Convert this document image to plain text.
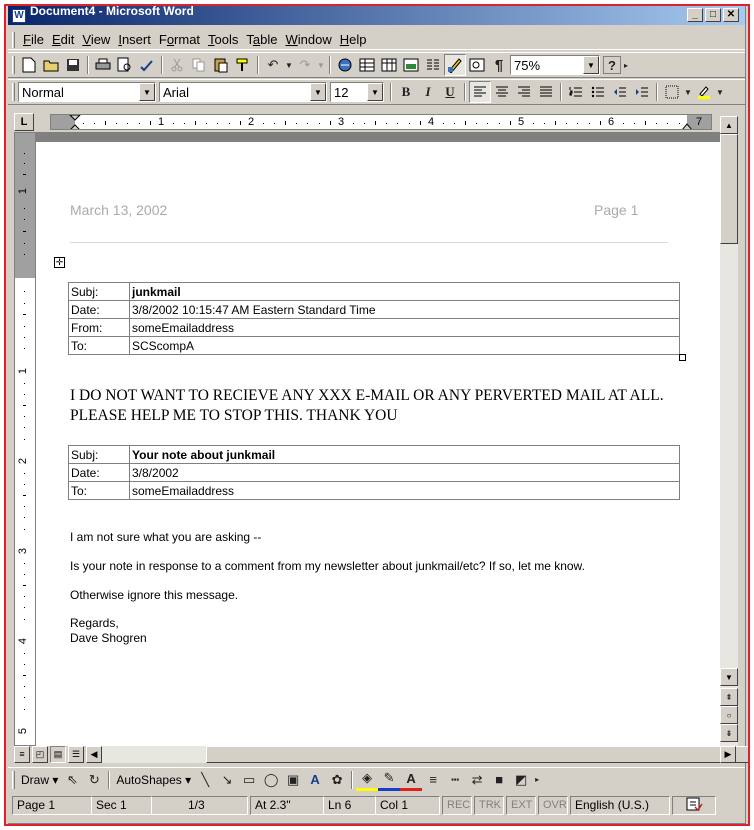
W Document4 - Microsoft Word	_	□	✕
File Edit View Insert Format Tools Table Window Help
↶ ▼ ↷ ▼	¶ 75%	▼	?	▸
Normal	▼ Arial	▼ 12	▼	B	I	U	▼	▼
L	1	2	3	4	5	6	7
1
1
2
3
4
5
March 13, 2002	Page 1
✛
Subj:	junkmail
Date:	3/8/2002 10:15:47 AM Eastern Standard Time
From:	someEmailaddress
To:	SCScompA
I DO NOT WANT TO RECIEVE ANY XXX E-MAIL OR ANY PERVERTED MAIL AT ALL. PLEASE HELP ME TO STOP THIS. THANK YOU
Subj:	Your note about junkmail
Date:	3/8/2002
To:	someEmailaddress
I am not sure what you are asking --
Is your note in response to a comment from my newsletter about junkmail/etc? If so, let me know.
Otherwise ignore this message.
Regards,
Dave Shogren
▲
▼
⇞
○
⇟
≡	◰	▤	☰	◀	▶
Draw ▾ ⇖ ↻	AutoShapes ▾ ╲ ↘ ▭ ◯ ▣ A ✿	◈ ✎ A	≡	┅ ⇄ ■ ◩ ▸
Page 1	Sec 1	1/3	At 2.3"	Ln 6	Col 1	REC TRK EXT OVR English (U.S.)
